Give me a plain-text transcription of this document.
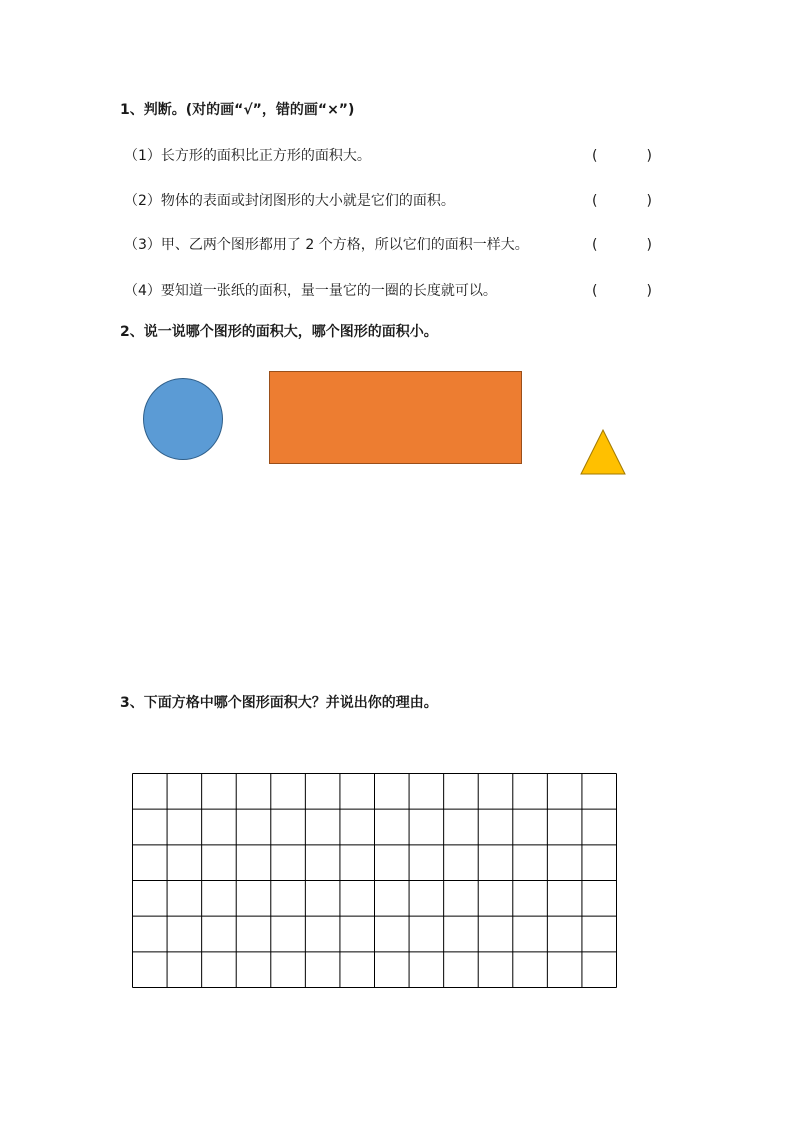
1、判断。(对的画“√”，错的画“×”)
（1）长方形的面积比正方形的面积大。	(	)
（2）物体的表面或封闭图形的大小就是它们的面积。	(	)
（3）甲、乙两个图形都用了 2 个方格，所以它们的面积一样大。	(	)
（4）要知道一张纸的面积，量一量它的一圈的长度就可以。	(	)
2、说一说哪个图形的面积大，哪个图形的面积小。
3、下面方格中哪个图形面积大？并说出你的理由。
